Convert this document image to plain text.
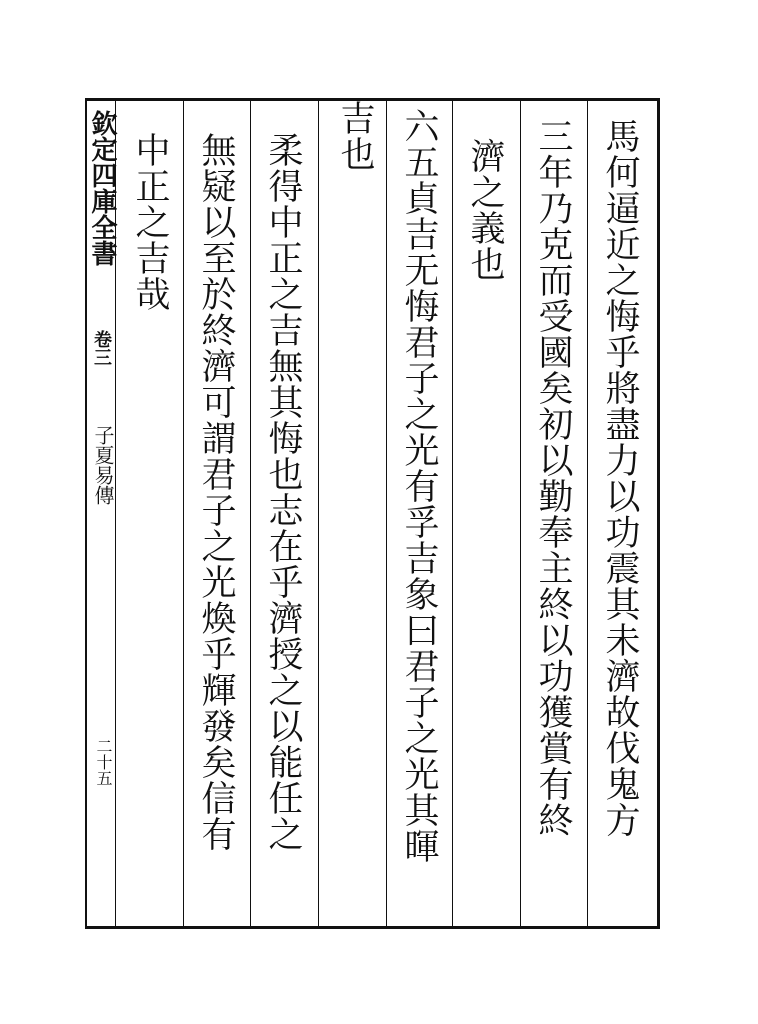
欽定四庫全書
卷三
子夏易傳
二十五	馬何逼近之悔乎將盡力以功震其未濟故伐鬼方
三年乃克而受國矣初以勤奉主終以功獲賞有終
濟之義也
六五貞吉无悔君子之光有孚吉象曰君子之光其暉
吉也
柔得中正之吉無其悔也志在乎濟授之以能任之
無疑以至於終濟可謂君子之光煥乎輝發矣信有
中正之吉哉
